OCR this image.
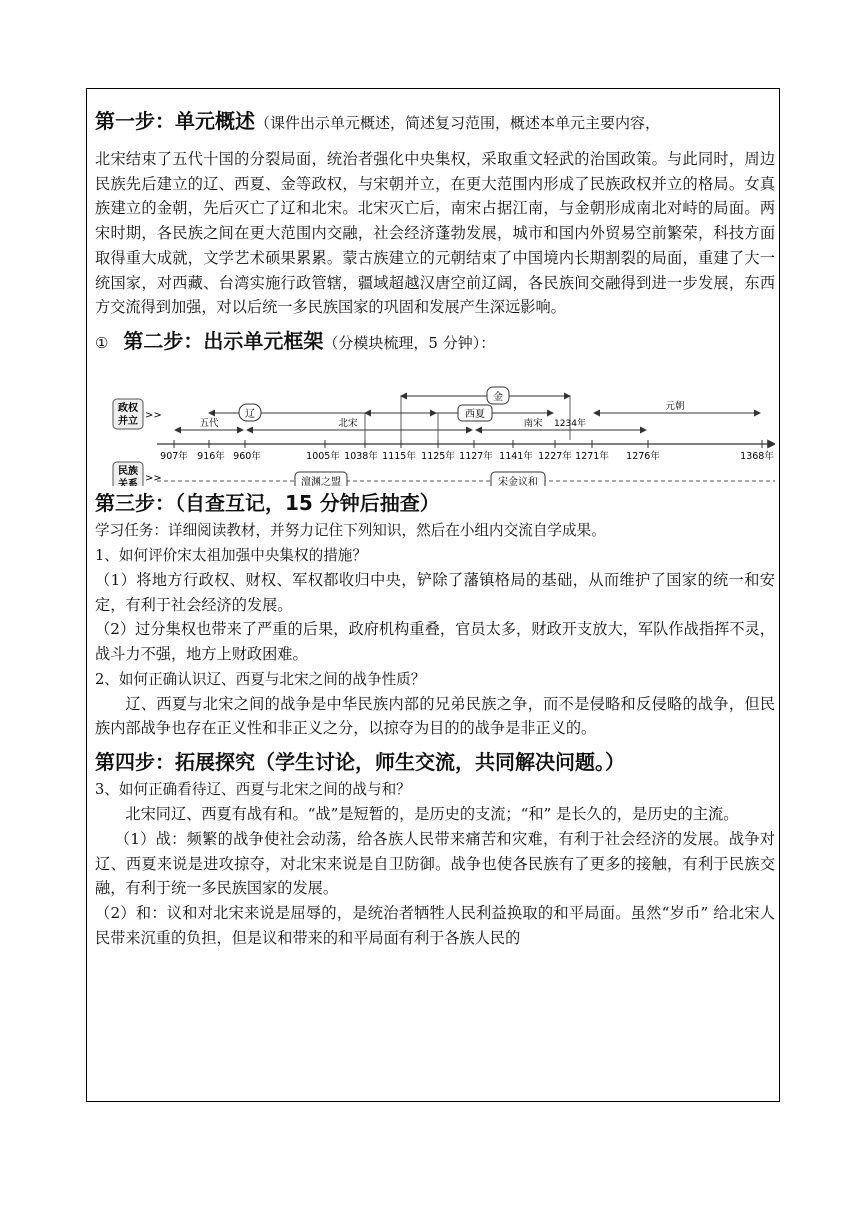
第一步：单元概述（课件出示单元概述，简述复习范围，概述本单元主要内容，

北宋结束了五代十国的分裂局面，统治者强化中央集权，采取重文轻武的治国政策。与此同时，周边民族先后建立的辽、西夏、金等政权，与宋朝并立，在更大范围内形成了民族政权并立的格局。女真族建立的金朝，先后灭亡了辽和北宋。北宋灭亡后，南宋占据江南，与金朝形成南北对峙的局面。两宋时期，各民族之间在更大范围内交融，社会经济蓬勃发展，城市和国内外贸易空前繁荣，科技方面取得重大成就，文学艺术硕果累累。蒙古族建立的元朝结束了中国境内长期割裂的局面，重建了大一统国家，对西藏、台湾实施行政管辖，疆域超越汉唐空前辽阔，各民族间交融得到进一步发展，东西方交流得到加强，对以后统一多民族国家的巩固和发展产生深远影响。

① 第二步：出示单元框架（分模块梳理，5 分钟）：
政权
并立
>>
民族
关系
>>
907年 916年 960年	1005年 1038年 1115年 1125年 1127年 1141年 1227年 1271年 1276年	1368年
五代
辽
北宋
金
西夏
南宋 1234年
元朝
澶渊之盟	宋金议和
第三步：（自查互记，15 分钟后抽查）

学习任务：详细阅读教材，并努力记住下列知识，然后在小组内交流自学成果。

1、如何评价宋太祖加强中央集权的措施？

（1）将地方行政权、财权、军权都收归中央，铲除了藩镇格局的基础，从而维护了国家的统一和安定，有利于社会经济的发展。

（2）过分集权也带来了严重的后果，政府机构重叠，官员太多，财政开支放大，军队作战指挥不灵，战斗力不强，地方上财政困难。

2、如何正确认识辽、西夏与北宋之间的战争性质？

辽、西夏与北宋之间的战争是中华民族内部的兄弟民族之争，而不是侵略和反侵略的战争，但民族内部战争也存在正义性和非正义之分，以掠夺为目的的战争是非正义的。

第四步：拓展探究（学生讨论，师生交流，共同解决问题。）

3、如何正确看待辽、西夏与北宋之间的战与和？

北宋同辽、西夏有战有和。“战”是短暂的，是历史的支流；“和” 是长久的，是历史的主流。

（1）战：频繁的战争使社会动荡，给各族人民带来痛苦和灾难，有利于社会经济的发展。战争对辽、西夏来说是进攻掠夺，对北宋来说是自卫防御。战争也使各民族有了更多的接触，有利于民族交融，有利于统一多民族国家的发展。

（2）和：议和对北宋来说是屈辱的，是统治者牺牲人民利益换取的和平局面。虽然“岁币” 给北宋人民带来沉重的负担，但是议和带来的和平局面有利于各族人民的
